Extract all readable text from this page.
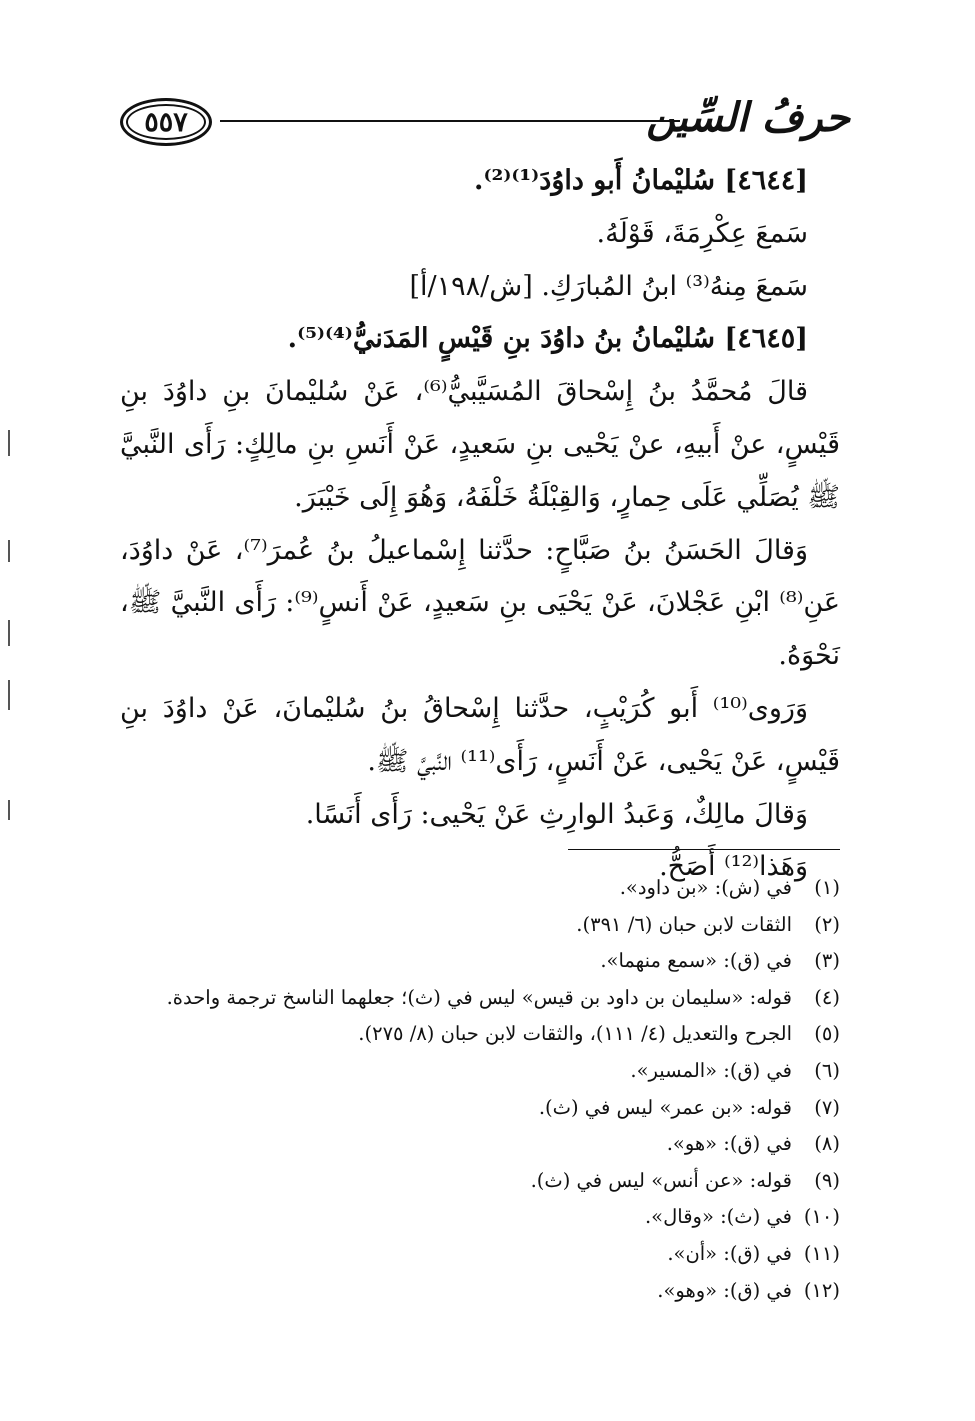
٥٥٧	حرفُ السِّين

[٤٦٤٤] سُليْمانُ أَبو داوُدَ⁽¹⁾⁽²⁾.

سَمعَ عِكْرِمَةَ، قَوْلَهُ.

سَمعَ مِنهُ⁽³⁾ ابنُ المُبارَكِ. [ش/١٩٨/أ]

[٤٦٤٥] سُليْمانُ بنُ داوُدَ بنِ قَيْسٍ المَدَنيُّ⁽⁴⁾⁽⁵⁾.

قالَ مُحمَّدُ بنُ إِسْحاقَ المُسَيَّبيُّ⁽⁶⁾، عَنْ سُليْمانَ بنِ داوُدَ بنِ قَيْسٍ، عنْ أَبيهِ، عنْ يَحْيى بنِ سَعيدٍ، عَنْ أَنَسِ بنِ مالِكٍ: رَأَى النَّبيَّ ﷺ يُصَلِّي عَلَى حِمارٍ، وَالقِبْلَةُ خَلْفَهُ، وَهُوَ إِلَى خَيْبَرَ.

وَقالَ الحَسَنُ بنُ صَبَّاحٍ: حدَّثنا إِسْماعيلُ بنُ عُمرَ⁽⁷⁾، عَنْ داوُدَ، عَنِ⁽⁸⁾ ابْنِ عَجْلانَ، عَنْ يَحْيَى بنِ سَعيدٍ، عَنْ أَنسٍ⁽⁹⁾: رَأَى النَّبيَّ ﷺ، نَحْوَهُ.

وَرَوى⁽¹⁰⁾ أَبو كُرَيْبٍ، حدَّثنا إِسْحاقُ بنُ سُليْمانَ، عَنْ داوُدَ بنِ قَيْسٍ، عَنْ يَحْيى، عَنْ أَنَسٍ، رَأَى⁽¹¹⁾ النَّبيَّ ﷺ.

وَقالَ مالِكٌ، وَعَبدُ الوارِثِ عَنْ يَحْيى: رَأَى أَنَسًا.

وَهَذا⁽¹²⁾ أَصَحُّ.

(١)في (ش): «بن داود».
(٢)الثقات لابن حبان (٦/ ٣٩١).
(٣)في (ق): «سمع منهما».
(٤)قوله: «سليمان بن داود بن قيس» ليس في (ث)؛ جعلهما الناسخ ترجمة واحدة.
(٥)الجرح والتعديل (٤/ ١١١)، والثقات لابن حبان (٨/ ٢٧٥).
(٦)في (ق): «المسير».
(٧)قوله: «بن عمر» ليس في (ث).
(٨)في (ق): «هو».
(٩)قوله: «عن أنس» ليس في (ث).
(١٠)في (ث): «وقال».
(١١)في (ق): «أن».
(١٢)في (ق): «وهو».
